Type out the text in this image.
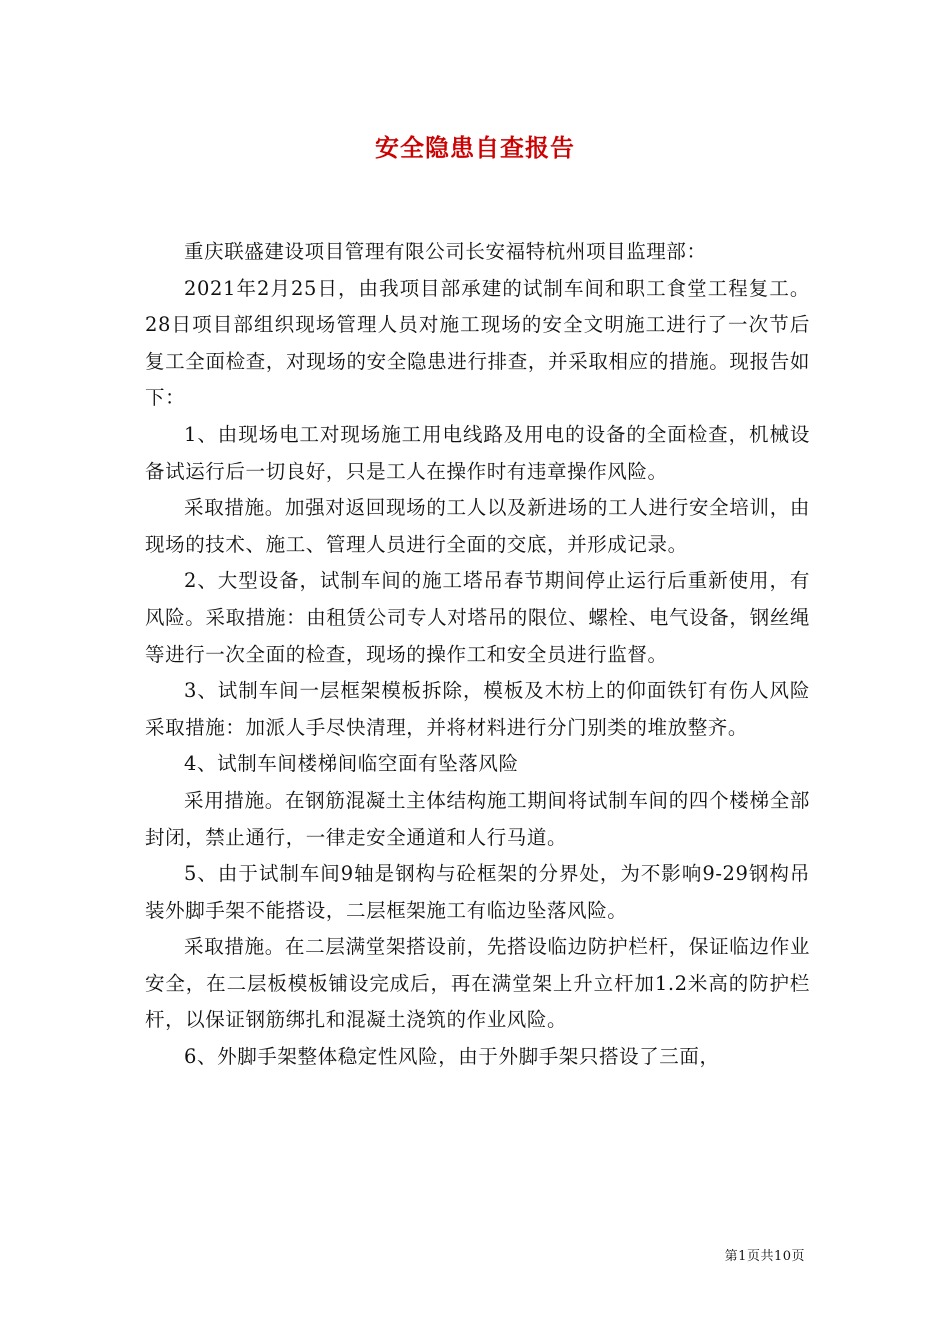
安全隐患自查报告

重庆联盛建设项目管理有限公司长安福特杭州项目监理部：

2021年2月25日，由我项目部承建的试制车间和职工食堂工程复工。28日项目部组织现场管理人员对施工现场的安全文明施工进行了一次节后复工全面检查，对现场的安全隐患进行排查，并采取相应的措施。现报告如下：

1、由现场电工对现场施工用电线路及用电的设备的全面检查，机械设备试运行后一切良好，只是工人在操作时有违章操作风险。

采取措施。加强对返回现场的工人以及新进场的工人进行安全培训，由现场的技术、施工、管理人员进行全面的交底，并形成记录。

2、大型设备，试制车间的施工塔吊春节期间停止运行后重新使用，有风险。采取措施：由租赁公司专人对塔吊的限位、螺栓、电气设备，钢丝绳等进行一次全面的检查，现场的操作工和安全员进行监督。

3、试制车间一层框架模板拆除，模板及木枋上的仰面铁钉有伤人风险采取措施：加派人手尽快清理，并将材料进行分门别类的堆放整齐。

4、试制车间楼梯间临空面有坠落风险

采用措施。在钢筋混凝土主体结构施工期间将试制车间的四个楼梯全部封闭，禁止通行，一律走安全通道和人行马道。

5、由于试制车间9轴是钢构与砼框架的分界处，为不影响9-29钢构吊装外脚手架不能搭设，二层框架施工有临边坠落风险。

采取措施。在二层满堂架搭设前，先搭设临边防护栏杆，保证临边作业安全，在二层板模板铺设完成后，再在满堂架上升立杆加1.2米高的防护栏杆，以保证钢筋绑扎和混凝土浇筑的作业风险。

6、外脚手架整体稳定性风险，由于外脚手架只搭设了三面，

第1页共10页
